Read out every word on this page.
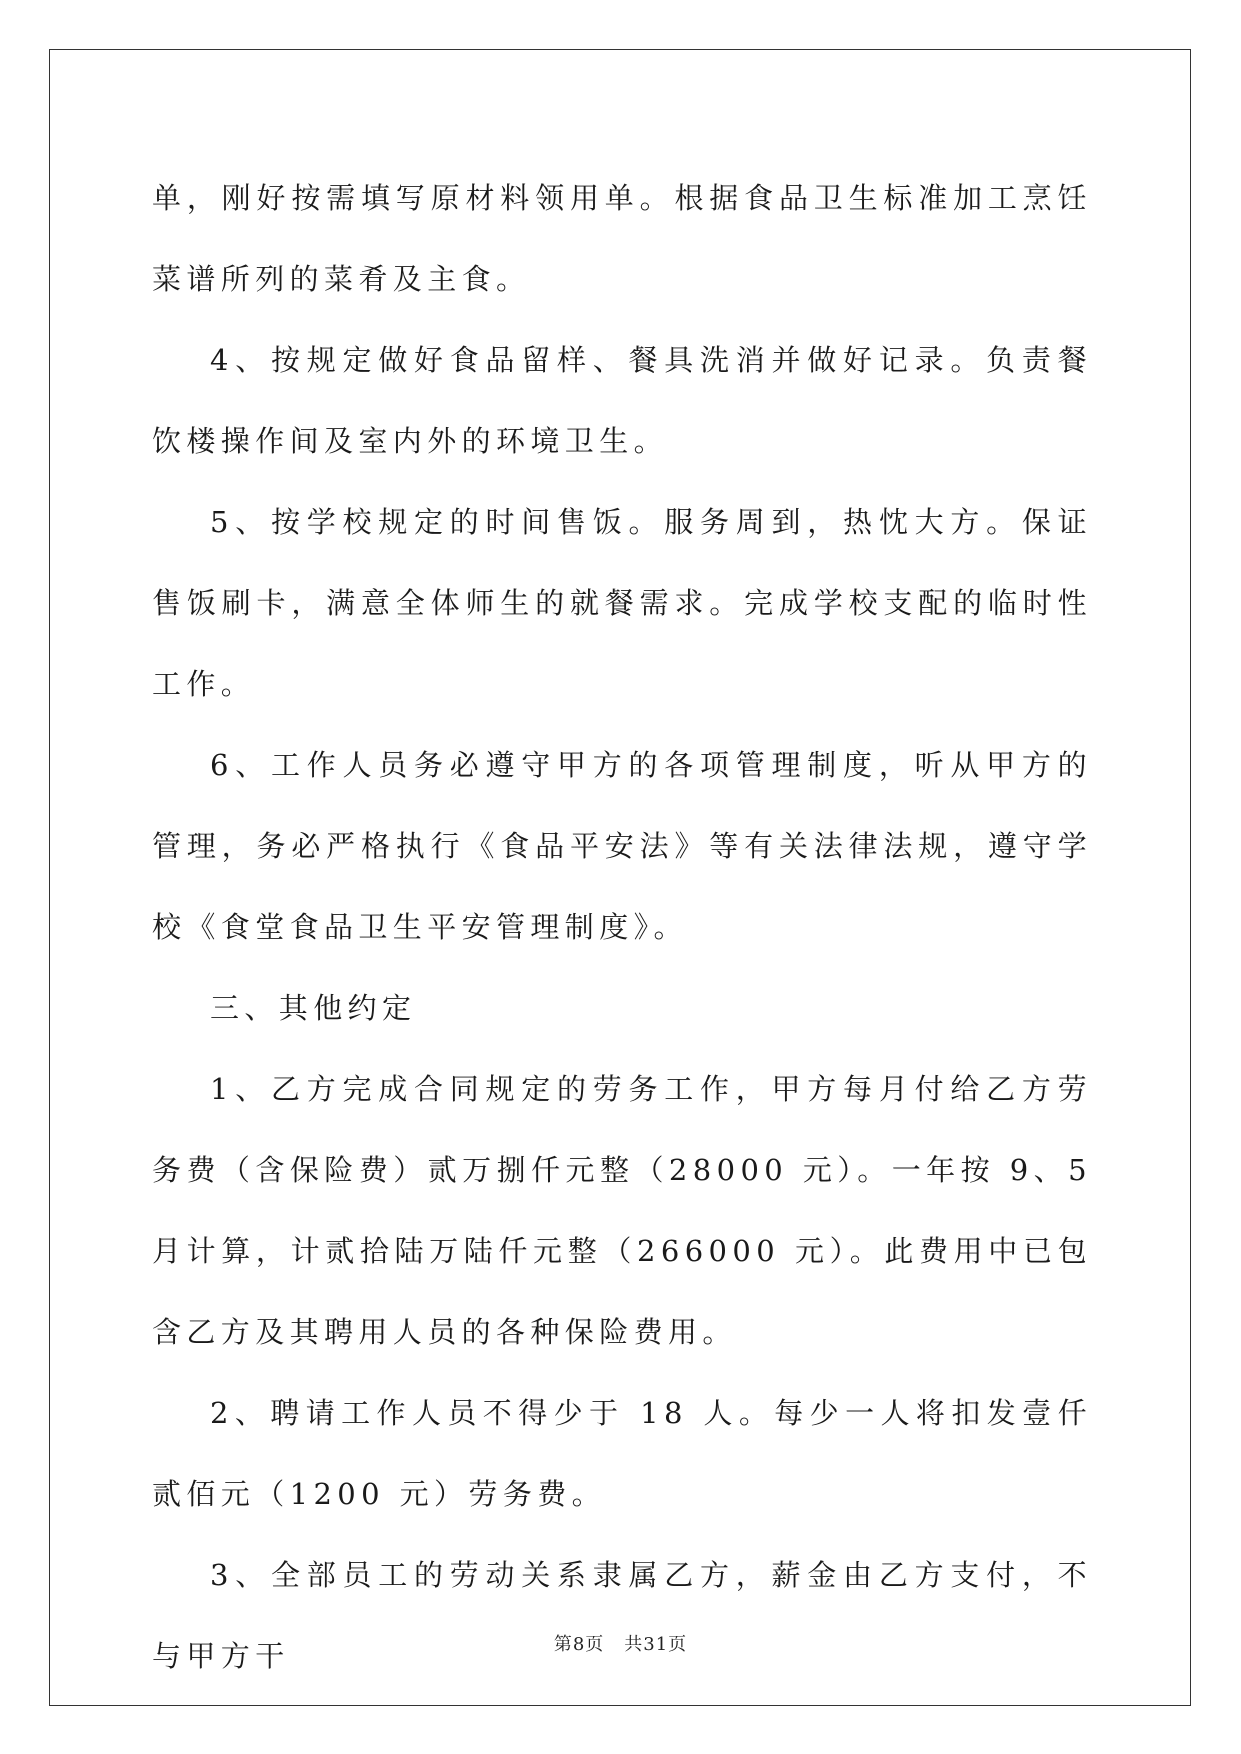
单，刚好按需填写原材料领用单。根据食品卫生标准加工烹饪菜谱所列的菜肴及主食。

4、按规定做好食品留样、餐具洗消并做好记录。负责餐饮楼操作间及室内外的环境卫生。

5、按学校规定的时间售饭。服务周到，热忱大方。保证售饭刷卡，满意全体师生的就餐需求。完成学校支配的临时性工作。

6、工作人员务必遵守甲方的各项管理制度，听从甲方的管理，务必严格执行《食品平安法》等有关法律法规，遵守学校《食堂食品卫生平安管理制度》。

三、其他约定

1、乙方完成合同规定的劳务工作，甲方每月付给乙方劳务费（含保险费）贰万捌仟元整（28000 元）。一年按 9、5 月计算，计贰拾陆万陆仟元整（266000 元）。此费用中已包含乙方及其聘用人员的各种保险费用。

2、聘请工作人员不得少于 18 人。每少一人将扣发壹仟贰佰元（1200 元）劳务费。

3、全部员工的劳动关系隶属乙方，薪金由乙方支付，不与甲方干	第8页 共31页
